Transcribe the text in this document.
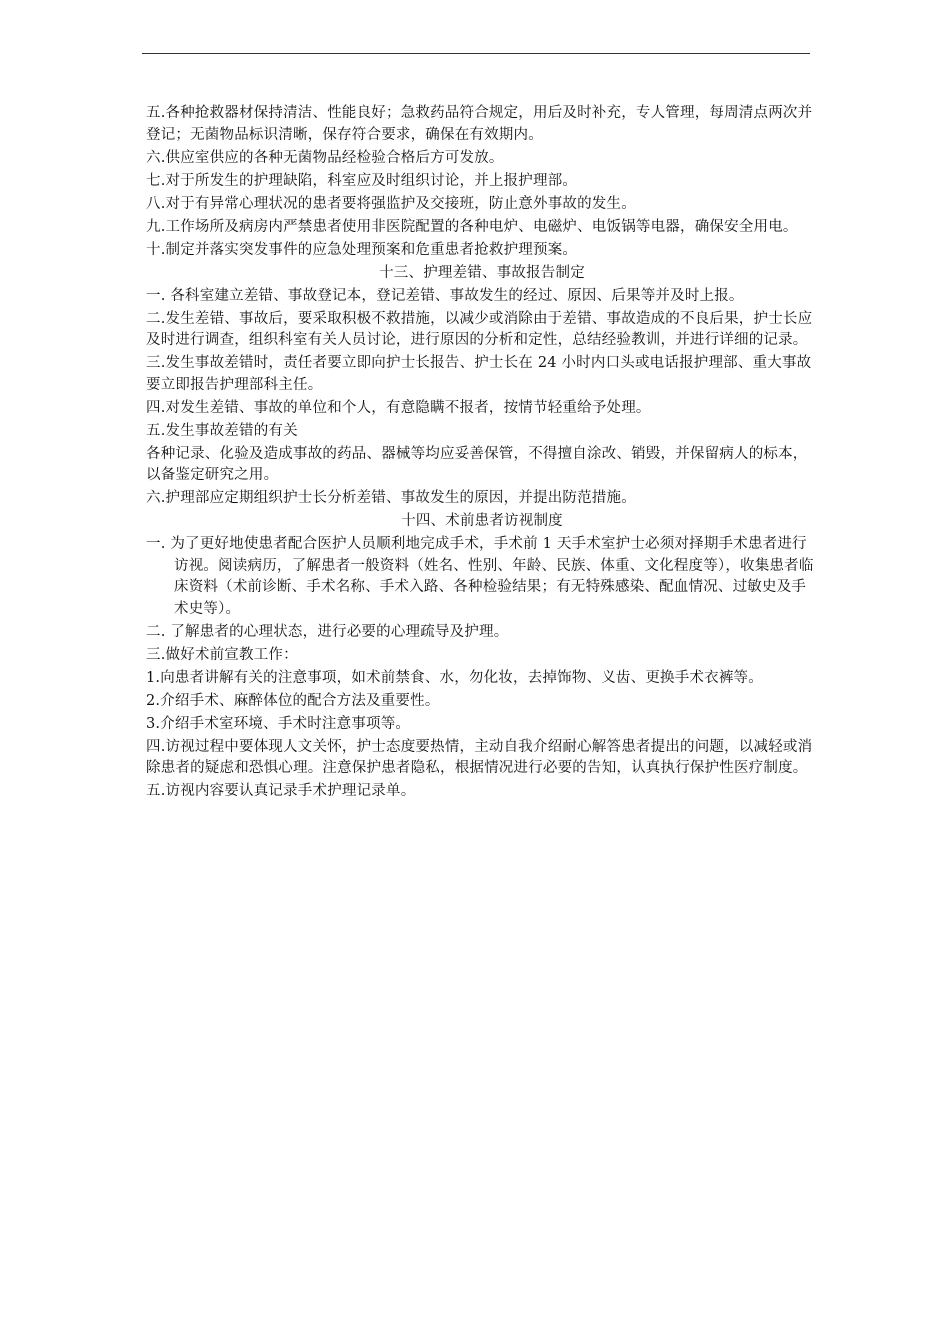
五.各种抢救器材保持清洁、性能良好；急救药品符合规定，用后及时补充，专人管理，每周清点两次并登记；无菌物品标识清晰，保存符合要求，确保在有效期内。

六.供应室供应的各种无菌物品经检验合格后方可发放。

七.对于所发生的护理缺陷，科室应及时组织讨论，并上报护理部。

八.对于有异常心理状况的患者要将强监护及交接班，防止意外事故的发生。

九.工作场所及病房内严禁患者使用非医院配置的各种电炉、电磁炉、电饭锅等电器，确保安全用电。

十.制定并落实突发事件的应急处理预案和危重患者抢救护理预案。

十三、护理差错、事故报告制定

一. 各科室建立差错、事故登记本，登记差错、事故发生的经过、原因、后果等并及时上报。

二.发生差错、事故后，要采取积极不救措施，以减少或消除由于差错、事故造成的不良后果，护士长应及时进行调查，组织科室有关人员讨论，进行原因的分析和定性，总结经验教训，并进行详细的记录。

三.发生事故差错时，责任者要立即向护士长报告、护士长在 24 小时内口头或电话报护理部、重大事故要立即报告护理部科主任。

四.对发生差错、事故的单位和个人，有意隐瞒不报者，按情节轻重给予处理。

五.发生事故差错的有关

各种记录、化验及造成事故的药品、器械等均应妥善保管，不得擅自涂改、销毁，并保留病人的标本，以备鉴定研究之用。

六.护理部应定期组织护士长分析差错、事故发生的原因，并提出防范措施。

十四、术前患者访视制度

一. 为了更好地使患者配合医护人员顺利地完成手术，手术前 1 天手术室护士必须对择期手术患者进行访视。阅读病历，了解患者一般资料（姓名、性别、年龄、民族、体重、文化程度等），收集患者临床资料（术前诊断、手术名称、手术入路、各种检验结果；有无特殊感染、配血情况、过敏史及手术史等）。

二. 了解患者的心理状态，进行必要的心理疏导及护理。

三.做好术前宣教工作：

1.向患者讲解有关的注意事项，如术前禁食、水，勿化妆，去掉饰物、义齿、更换手术衣裤等。

2.介绍手术、麻醉体位的配合方法及重要性。

3.介绍手术室环境、手术时注意事项等。

四.访视过程中要体现人文关怀，护士态度要热情，主动自我介绍耐心解答患者提出的问题，以减轻或消除患者的疑虑和恐惧心理。注意保护患者隐私，根据情况进行必要的告知，认真执行保护性医疗制度。

五.访视内容要认真记录手术护理记录单。
